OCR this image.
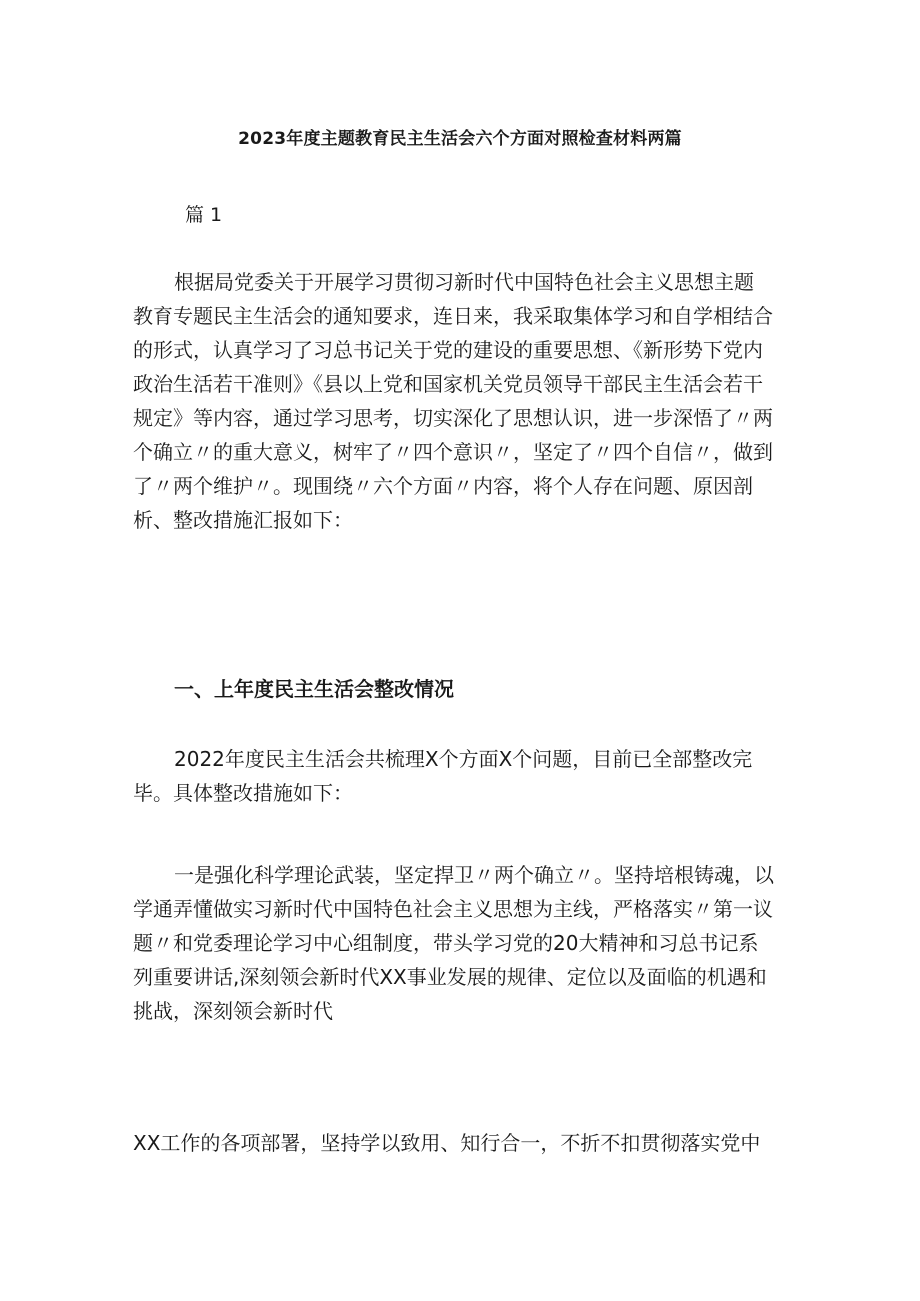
2023年度主题教育民主生活会六个方面对照检查材料两篇

篇 1

根据局党委关于开展学习贯彻习新时代中国特色社会主义思想主题
教育专题民主生活会的通知要求，连日来，我采取集体学习和自学相结合
的形式，认真学习了习总书记关于党的建设的重要思想、《新形势下党内
政治生活若干准则》《县以上党和国家机关党员领导干部民主生活会若干
规定》等内容，通过学习思考，切实深化了思想认识，进一步深悟了〃两
个确立〃的重大意义，树牢了〃四个意识〃，坚定了〃四个自信〃，做到
了〃两个维护〃。现围绕〃六个方面〃内容，将个人存在问题、原因剖
析、整改措施汇报如下：
一、上年度民主生活会整改情况
2022年度民主生活会共梳理X个方面X个问题，目前已全部整改完
毕。具体整改措施如下：
一是强化科学理论武装，坚定捍卫〃两个确立〃。坚持培根铸魂，以
学通弄懂做实习新时代中国特色社会主义思想为主线，严格落实〃第一议
题〃和党委理论学习中心组制度，带头学习党的20大精神和习总书记系
列重要讲话,深刻领会新时代XX事业发展的规律、定位以及面临的机遇和
挑战，深刻领会新时代
XX工作的各项部署，坚持学以致用、知行合一，不折不扣贯彻落实党中
